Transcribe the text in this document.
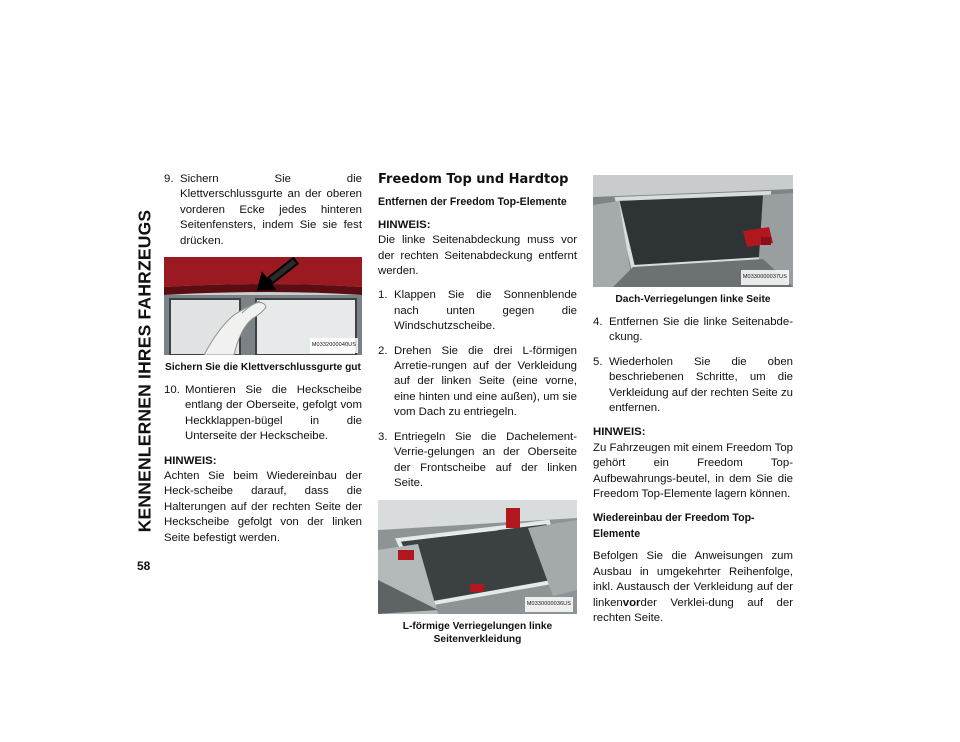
KENNENLERNEN IHRES FAHRZEUGS
58
9. Sichern Sie die Klettverschlussgurte an der oberen vorderen Ecke jedes hinteren Seitenfensters, indem Sie sie fest drücken.
M0332000040US
Sichern Sie die Klettverschlussgurte gut
10. Montieren Sie die Heckscheibe entlang der Oberseite, gefolgt vom Heckklappen-bügel in die Unterseite der Heckscheibe.
HINWEIS:
Achten Sie beim Wiedereinbau der Heck-scheibe darauf, dass die Halterungen auf der rechten Seite der Heckscheibe gefolgt von der linken Seite befestigt werden.
Freedom Top und Hardtop
Entfernen der Freedom Top-Elemente
HINWEIS:
Die linke Seitenabdeckung muss vor der rechten Seitenabdeckung entfernt werden.
1. Klappen Sie die Sonnenblende nach unten gegen die Windschutzscheibe.
2. Drehen Sie die drei L-förmigen Arretie-rungen auf der Verkleidung auf der linken Seite (eine vorne, eine hinten und eine außen), um sie vom Dach zu entriegeln.
3. Entriegeln Sie die Dachelement-Verrie-gelungen an der Oberseite der Frontscheibe auf der linken Seite.
M0330000036US
L-förmige Verriegelungen linke Seitenverkleidung
M0330000037US
Dach-Verriegelungen linke Seite
4. Entfernen Sie die linke Seitenabde-ckung.
5. Wiederholen Sie die oben beschriebenen Schritte, um die Verkleidung auf der rechten Seite zu entfernen.
HINWEIS:
Zu Fahrzeugen mit einem Freedom Top gehört ein Freedom Top-Aufbewahrungs-beutel, in dem Sie die Freedom Top-Elemente lagern können.
Wiedereinbau der Freedom Top-Elemente
Befolgen Sie die Anweisungen zum Ausbau in umgekehrter Reihenfolge, inkl. Austausch der Verkleidung auf der linkenvorder Verklei-dung auf der rechten Seite.
